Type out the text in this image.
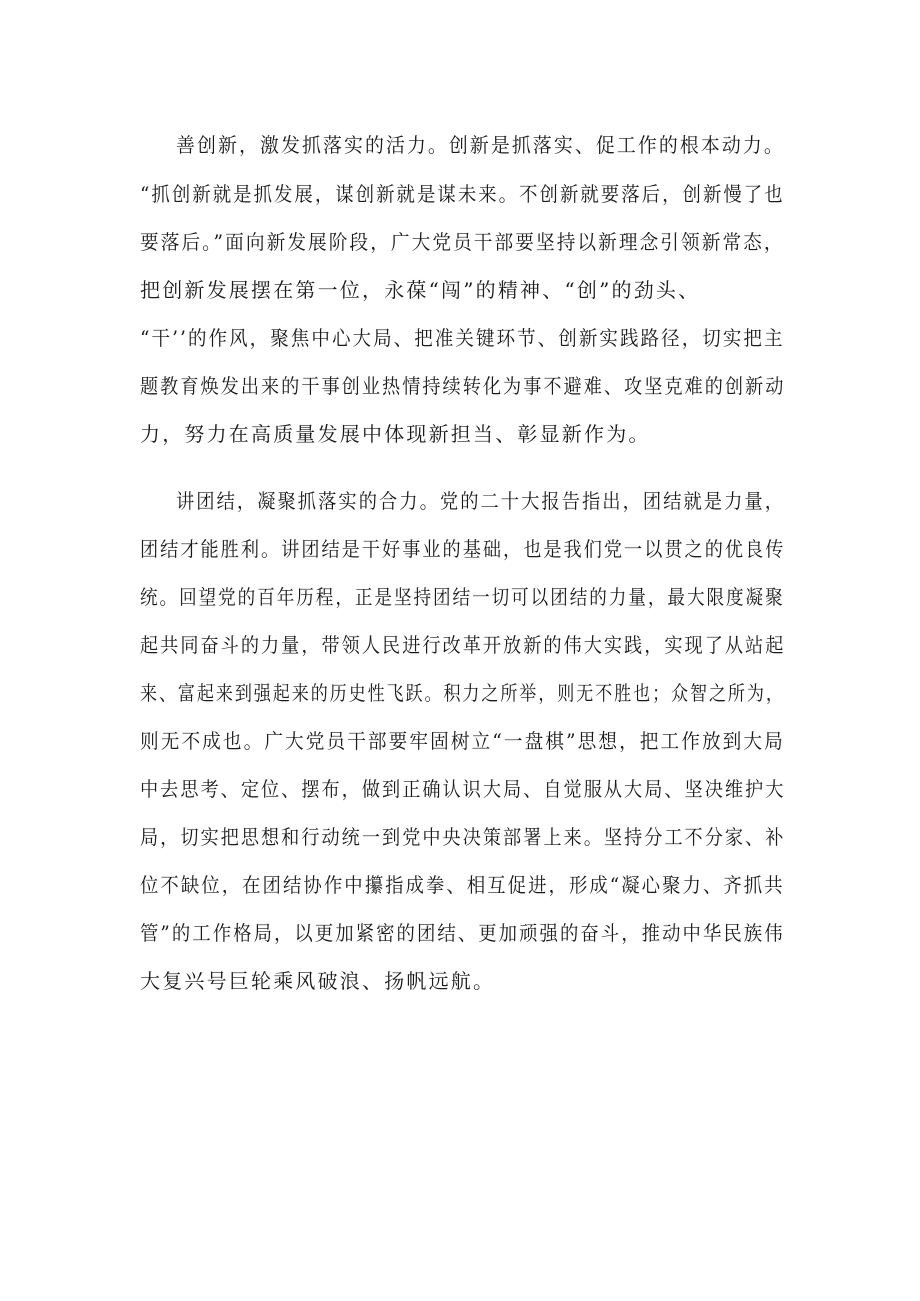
善创新，激发抓落实的活力。创新是抓落实、促工作的根本动力。
“抓创新就是抓发展，谋创新就是谋未来。不创新就要落后，创新慢了也
要落后。”面向新发展阶段，广大党员干部要坚持以新理念引领新常态，
把创新发展摆在第一位，永葆“闯”的精神、“创”的劲头、
“干’’的作风，聚焦中心大局、把准关键环节、创新实践路径，切实把主
题教育焕发出来的干事创业热情持续转化为事不避难、攻坚克难的创新动
力，努力在高质量发展中体现新担当、彰显新作为。
讲团结，凝聚抓落实的合力。党的二十大报告指出，团结就是力量，
团结才能胜利。讲团结是干好事业的基础，也是我们党一以贯之的优良传
统。回望党的百年历程，正是坚持团结一切可以团结的力量，最大限度凝聚
起共同奋斗的力量，带领人民进行改革开放新的伟大实践，实现了从站起
来、富起来到强起来的历史性飞跃。积力之所举，则无不胜也；众智之所为，
则无不成也。广大党员干部要牢固树立“一盘棋”思想，把工作放到大局
中去思考、定位、摆布，做到正确认识大局、自觉服从大局、坚决维护大
局，切实把思想和行动统一到党中央决策部署上来。坚持分工不分家、补
位不缺位，在团结协作中攥指成拳、相互促进，形成“凝心聚力、齐抓共
管”的工作格局，以更加紧密的团结、更加顽强的奋斗，推动中华民族伟
大复兴号巨轮乘风破浪、扬帆远航。
